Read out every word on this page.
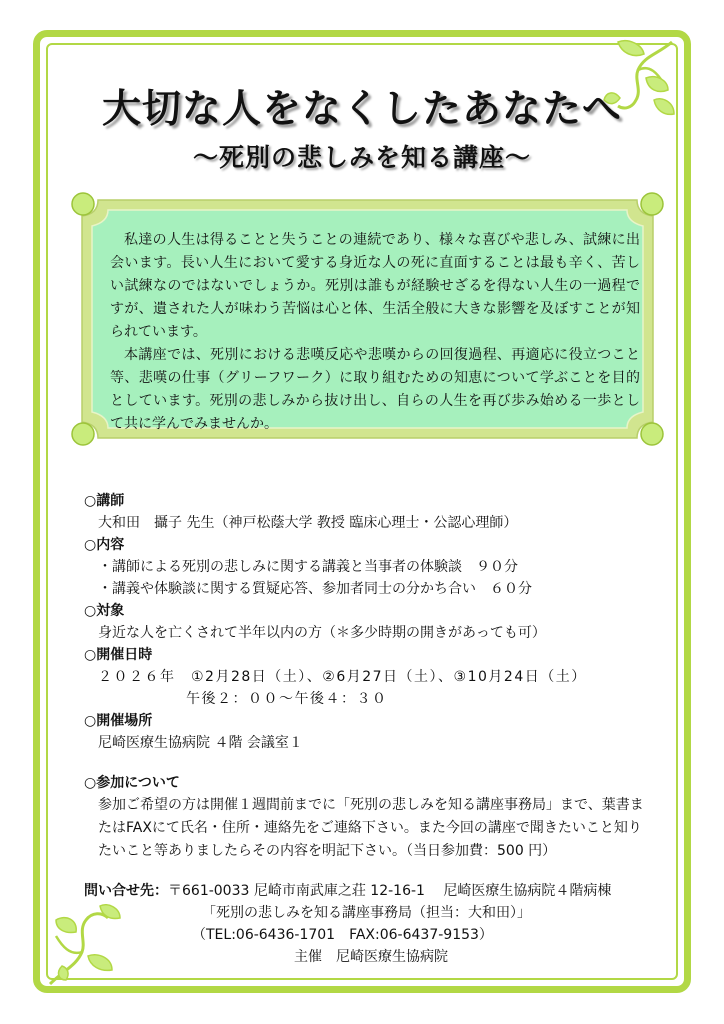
大切な人をなくしたあなたへ
～死別の悲しみを知る講座～

私達の人生は得ることと失うことの連続であり、様々な喜びや悲しみ、試練に出会います。長い人生において愛する身近な人の死に直面することは最も辛く、苦しい試練なのではないでしょうか。死別は誰もが経験せざるを得ない人生の一過程ですが、遺された人が味わう苦悩は心と体、生活全般に大きな影響を及ぼすことが知られています。

本講座では、死別における悲嘆反応や悲嘆からの回復過程、再適応に役立つこと等、悲嘆の仕事（グリーフワーク）に取り組むための知恵について学ぶことを目的としています。死別の悲しみから抜け出し、自らの人生を再び歩み始める一歩として共に学んでみませんか。

○講師
大和田　攝子 先生（神戸松蔭大学 教授 臨床心理士・公認心理師）
○内容
・講師による死別の悲しみに関する講義と当事者の体験談　９０分
・講義や体験談に関する質疑応答、参加者同士の分かち合い　６０分
○対象
身近な人を亡くされて半年以内の方（＊多少時期の開きがあっても可）
○開催日時
２０２６年　①2月28日（土）、②6月27日（土）、③10月24日（土）
午後２：００～午後４：３０
○開催場所
尼崎医療生協病院 ４階 会議室１
○参加について
参加ご希望の方は開催１週間前までに「死別の悲しみを知る講座事務局」まで、葉書またはFAXにて氏名・住所・連絡先をご連絡下さい。また今回の講座で聞きたいこと知りたいこと等ありましたらその内容を明記下さい。（当日参加費：500 円）
問い合せ先：〒661-0033 尼崎市南武庫之荘 12-16-1　 尼崎医療生協病院４階病棟
「死別の悲しみを知る講座事務局（担当：大和田）」
（TEL:06-6436-1701　FAX:06-6437-9153）
主催　尼崎医療生協病院
